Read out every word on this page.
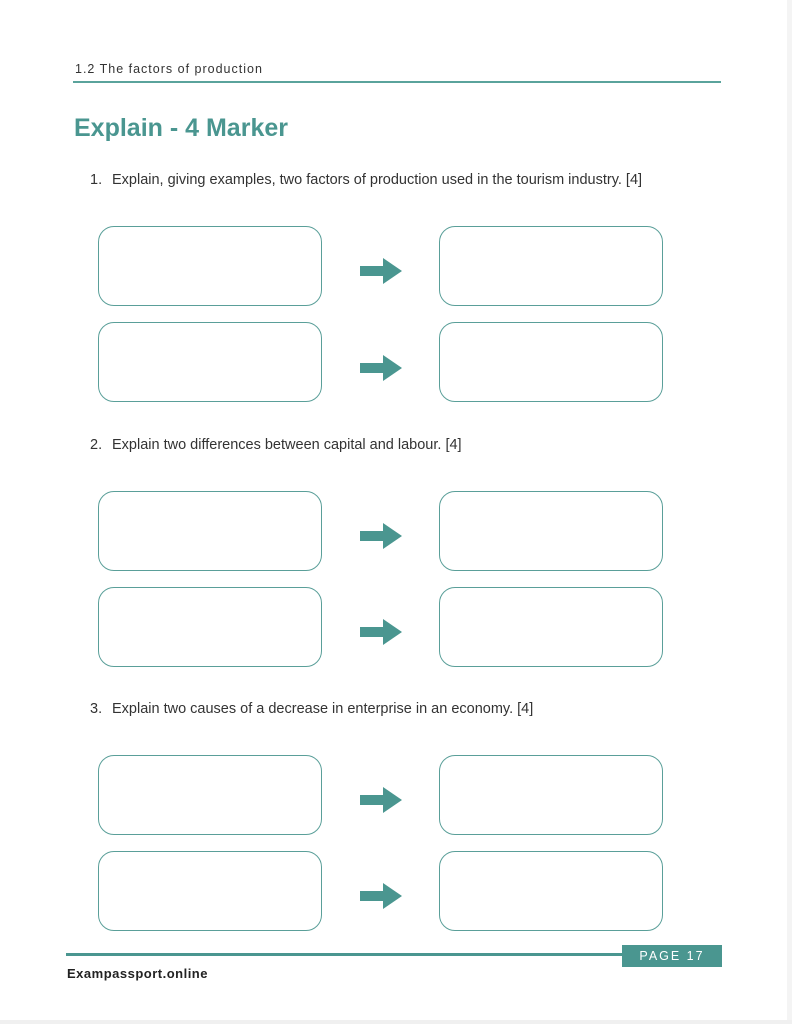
1.2 The factors of production
Explain - 4 Marker
1. Explain, giving examples, two factors of production used in the tourism industry. [4]
2. Explain two differences between capital and labour. [4]
3. Explain two causes of a decrease in enterprise in an economy. [4]
PAGE 17
Exampassport.online
